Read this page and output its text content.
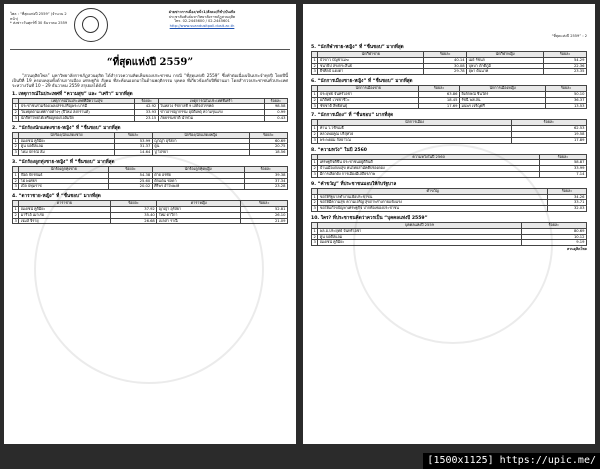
โพล : “ที่สุดแห่งปี 2559” (จำนวน 2 หน้า)
* ส่งข่าววันศุกร์ที่ 30 ธันวาคม 2559
ฝ่ายข่าวการเมือง/หน้า1/สังคม/กีฬา/บันเทิง
ประชาสัมพันธ์มหาวิทยาลัยราชภัฏสวนดุสิต
โทร. 02-2445600 / 02-2445601
http://www.suandusitpoll.dusit.ac.th
“ที่สุดแห่งปี 2559”
“สวนดุสิตโพล” มหาวิทยาลัยราชภัฏสวนดุสิต ได้สำรวจความคิดเห็นของประชาชน กรณี “ที่สุดแห่งปี 2559” ซึ่งทำต่อเนื่องเป็นประจำทุกปี โดยปีนี้เป็นปีที่ 19 ครอบคลุมทั้งด้านการเมือง เศรษฐกิจ สังคม ที่สะท้อนออกมาในด้านพฤติกรรม บุคคล ที่เกี่ยวข้องกับปีที่ผ่านมา โดยสำรวจประชาชนทั่วประเทศ ระหว่างวันที่ 10 – 29 ธันวาคม 2559 สรุปผลได้ดังนี้
1. เหตุการณ์ในประเทศที่ “ความสุข” และ “เศร้า” มากที่สุด
	เหตุการณ์ในประเทศที่มีความสุข	ร้อยละ	เหตุการณ์ในประเทศที่เศร้า	ร้อยละ
1	ประชาชนร่วมร้องเพลงสรรเสริญพระบารมี	42.92	ในหลวง รัชกาลที่ 9 เสด็จสวรรคต	98.58
2	วันหยุดตามเทศกาลต่างๆ (ปีใหม่ สงกรานต์)	33.93	ข่าวอาชญากรรม อุบัติเหตุ ความรุนแรง	0.99
3	นักกีฬาไทยได้เหรียญทองโอลิมปิก	23.15	ภัยธรรมชาติ น้ำท่วม	0.43
2. “นักร้องนักแสดงชาย-หญิง” ที่ “ชื่นชอบ” มากที่สุด
	นักร้อง/นักแสดงชาย	ร้อยละ	นักร้อง/นักแสดงหญิง	ร้อยละ
1	ณเดชน์ คูกิมิยะ	53.99	ญาญ่า อุรัสยา	60.69
2	ตูน บอดี้สแลม	31.37	ตูน	20.75
3	โดม ปกรณ์ ลัม	14.64	ปู ไปรยา	18.56
3. “นักร้องลูกทุ่งชาย-หญิง” ที่ “ชื่นชอบ” มากที่สุด
	นักร้องลูกทุ่งชาย	ร้อยละ	นักร้องลูกทุ่งหญิง	ร้อยละ
1	ก๊อต จักรพันธ์	54.38	ต่าย อรทัย	39.38
2	ไผ่ พงศธร	25.60	ตั๊กแตน ชลดา	37.34
3	เบิ้ล ปทุมราช	20.02	ศิริพร อำไพพงษ์	23.28
4. “ดาราชาย-หญิง” ที่ “ชื่นชอบ” มากที่สุด
	ดาราชาย	ร้อยละ	ดาราหญิง	ร้อยละ
1	ณเดชน์ คูกิมิยะ	37.92	ญาญ่า อุรัสยา	52.81
2	มาริโอ้ เมาเร่อ	35.40	ใหม่ ดาวิกา	26.10
3	เจมส์ จิรายุ	26.68	เบลล่า ราณี	21.09
“ที่สุดแห่งปี 2559” : 2
5. “นักกีฬาชาย-หญิง” ที่ “ชื่นชอบ” มากที่สุด
	นักกีฬาชาย	ร้อยละ	นักกีฬาหญิง	ร้อยละ
1	บัวขาว บัญชาเมฆ	40.14	เมย์ รัชนก	54.29
2	ชนาธิป สรงกระสินธ์	30.08	บุษบา ภักดีภูมิ	22.36
3	ธีรศิลป์ แดงดา	29.78	ยุพา ตั๊นนาค	23.35
6. “นักการเมืองชาย-หญิง” ที่ “ชื่นชอบ” มากที่สุด
	นักการเมืองชาย	ร้อยละ	นักการเมืองหญิง	ร้อยละ
1	ประยุทธ์ จันทร์โอชา	63.86	ยิ่งลักษณ์ ชินวัตร	50.10
2	อภิสิทธิ์ เวชชาชีวะ	18.45	รัชนี พลเสน	36.37
3	ชัชชาติ สิทธิพันธุ์	17.69	มนพร เจริญศรี	13.53
7. “นักการเมือง” ที่ “ชื่นชอบ” มากที่สุด
	นักการเมือง	ร้อยละ
1	ท่าน ว.วชิรเมธี	62.53
2	หลวงพ่อคูณ ปริสุทโธ	19.58
3	พระพยอม กัลยาโณ	17.89
8. “ความหวัง” ในปี 2560
	ความหวังในปี 2560	ร้อยละ
1	เศรษฐกิจดีขึ้น ประชาชนอยู่ดีกินดี	58.87
2	บ้านเมืองสงบสุข คนไทยสามัคคีปรองดอง	33.99
3	มีการเลือกตั้ง การเมืองมีเสถียรภาพ	7.14
9. “คำขวัญ” ที่ประชาชนมอบให้กับรัฐบาล
	คำขวัญ	ร้อยละ
1	ขอให้รัฐบาลทำงานเพื่อประชาชน	34.26
2	ขอให้มีความสุข ความเจริญ สุขภาพร่างกายแข็งแรง	33.71
3	ขอให้แก้ไขปัญหาเศรษฐกิจ ปากท้องของประชาชน	32.03
10. ใคร? ที่ประชาชนคิดว่าควรเป็น “บุคคลแห่งปี 2559”
	บุคคลแห่งปี 2559	ร้อยละ
1	พล.อ.ประยุทธ์ จันทร์โอชา	80.69
2	ตูน บอดี้สแลม	10.12
3	ณเดชน์ คูกิมิยะ	9.19
สวนดุสิตโพล
[1500x1125] https://upic.me/
